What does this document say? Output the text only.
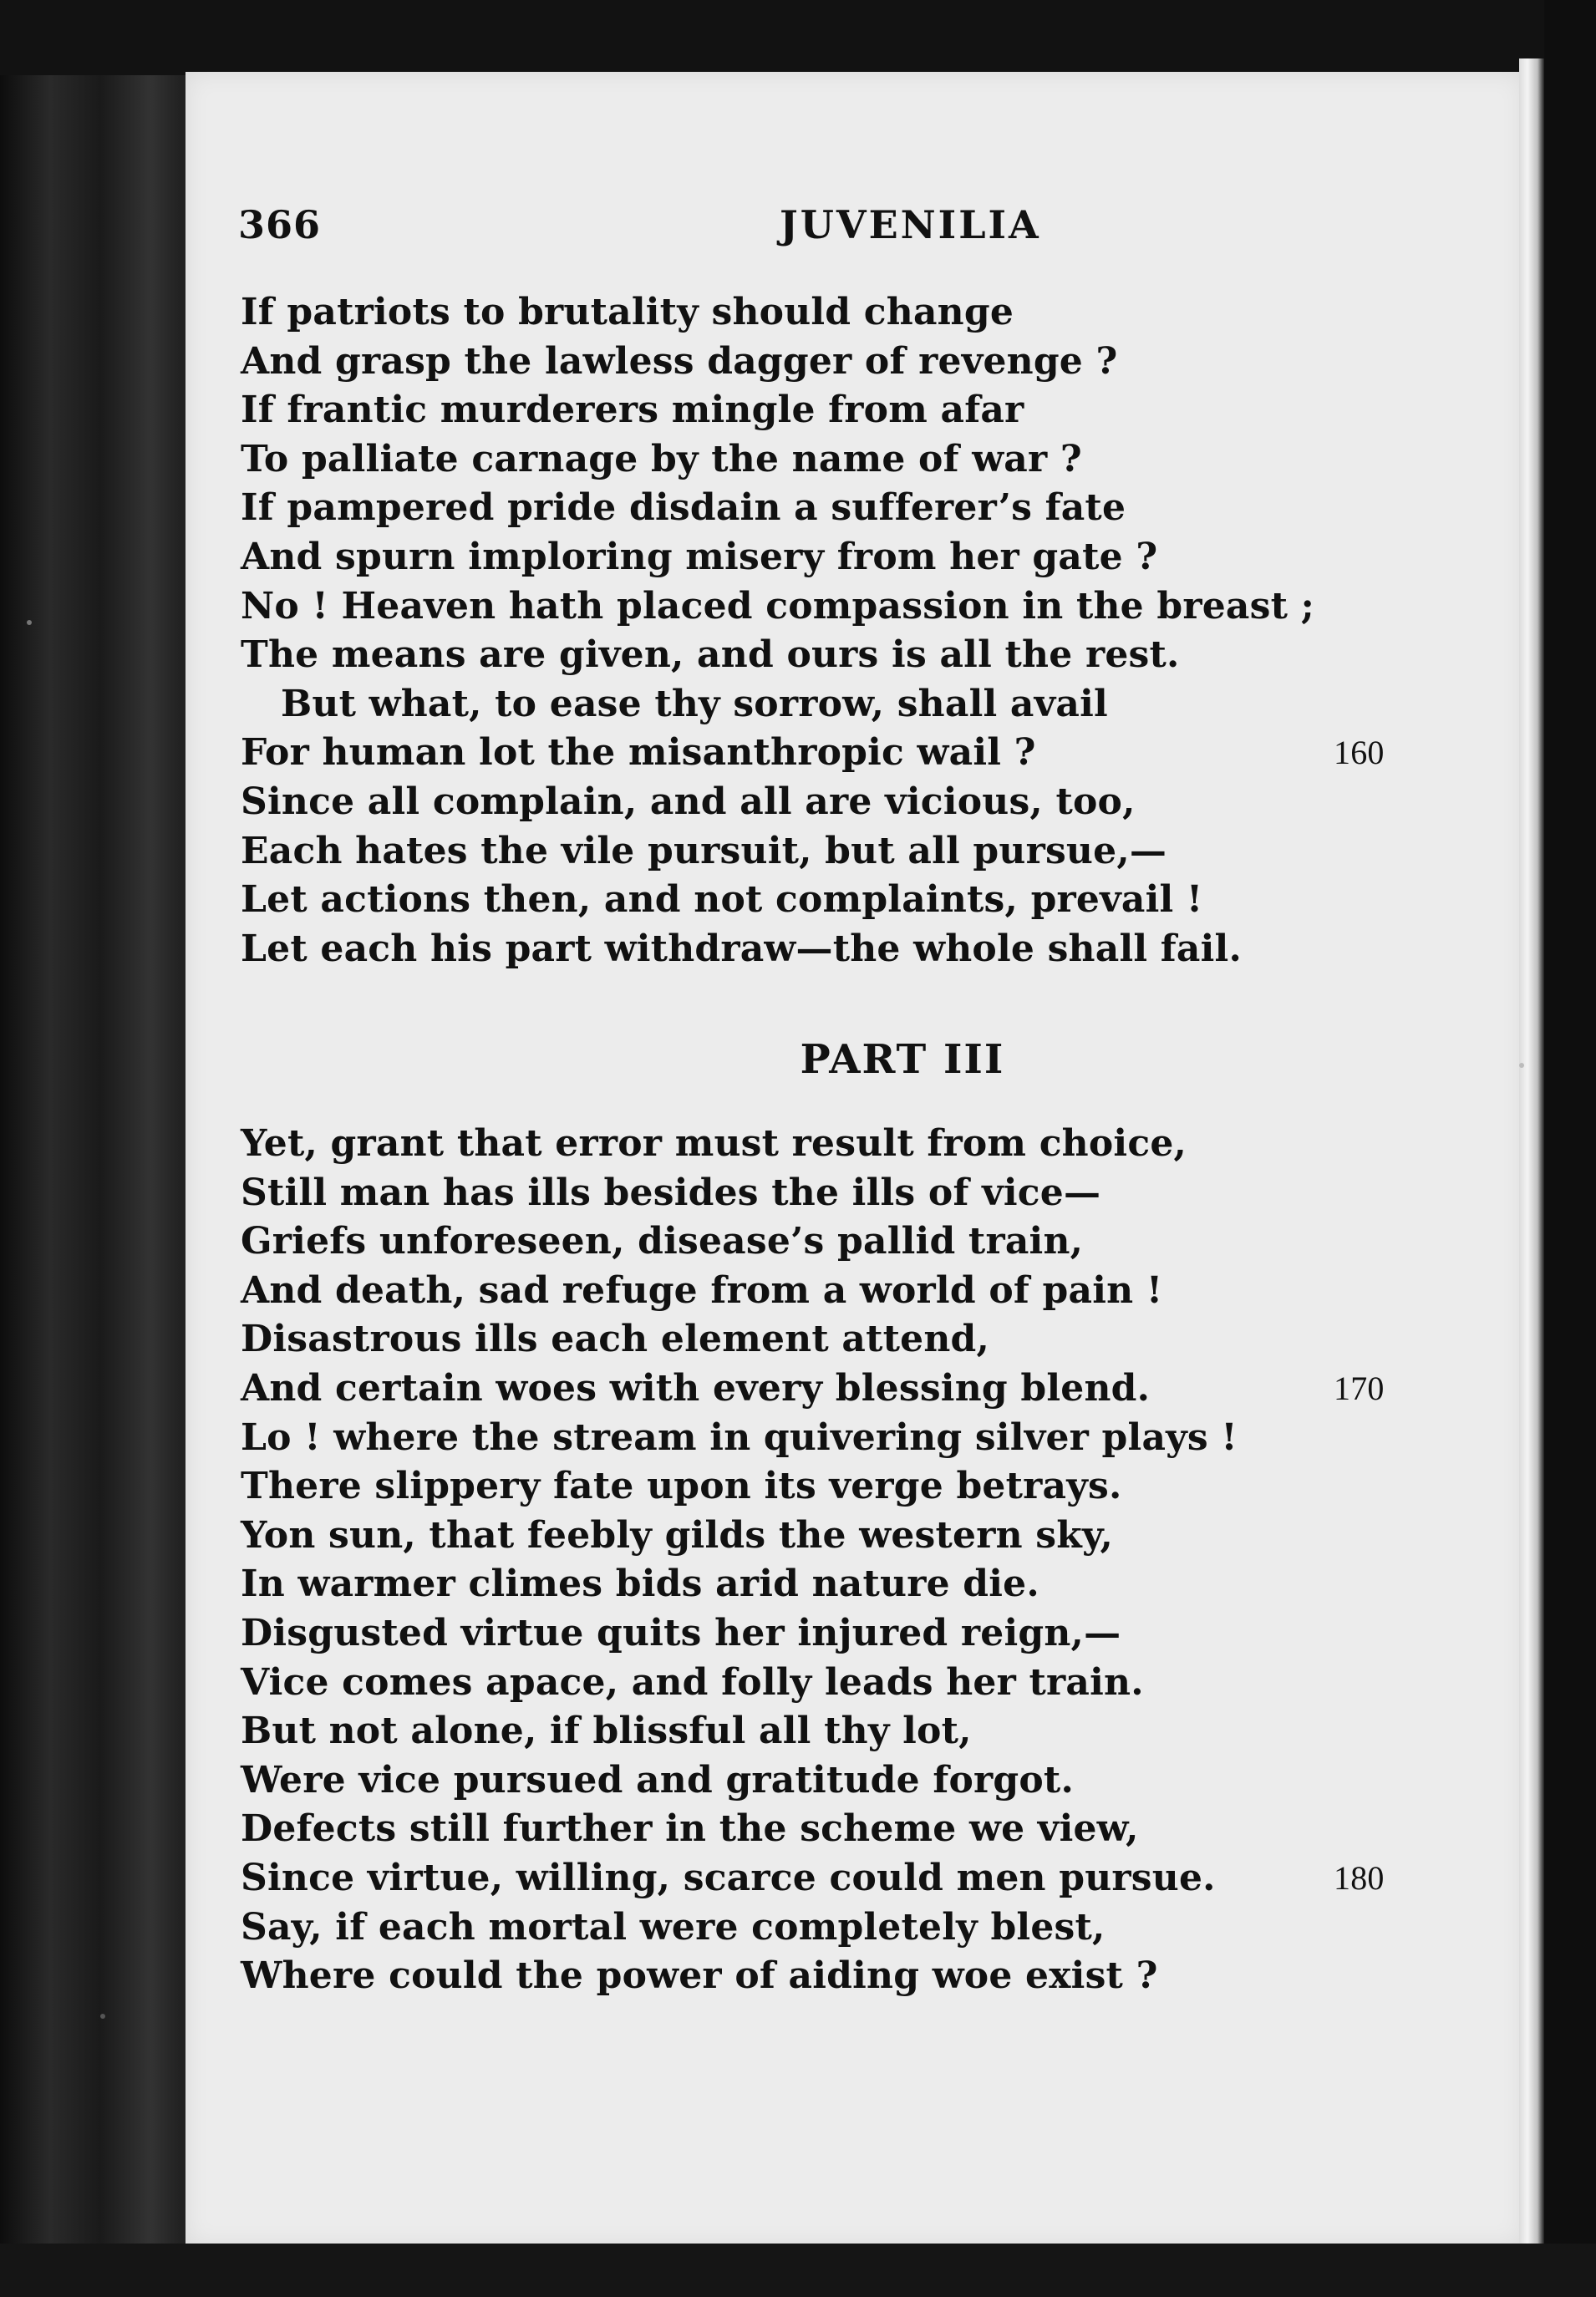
366	JUVENILIA
If patriots to brutality should chanɡe
And grasp the lawless dagger of revenge ?
If frantic murderers mingle from afar
To palliate carnage by the name of war ?
If pampered pride disdain a sufferer’s fate
And spurn imploring misery from her gate ?
No ! Heaven hath placed compassion in the breast ;
The means are given, and ours is all the rest.
But what, to ease thy sorrow, shall avail
For human lot the misanthropic wail ?	160
Since all complain, and all are vicious, too,
Each hates the vile pursuit, but all pursue,—
Let actions then, and not complaints, prevail !
Let each his part withdraw—the whole shall fail.
PART III
Yet, grant that error must result from choice,
Still man has ills besides the ills of vice—
Griefs unforeseen, disease’s pallid train,
And death, sad refuge from a world of pain !
Disastrous ills each element attend,
And certain woes with every blessing blend.	170
Lo ! where the stream in quivering silver plays !
There slippery fate upon its verge betrays.
Yon sun, that feebly gilds the western sky,
In warmer climes bids arid nature die.
Disgusted virtue quits her injured reign,—
Vice comes apace, and folly leads her train.
But not alone, if blissful all thy lot,
Were vice pursued and gratitude forgot.
Defects still further in the scheme we view,
Since virtue, willing, scarce could men pursue.	180
Say, if each mortal were completely blest,
Where could the power of aiding woe exist ?
